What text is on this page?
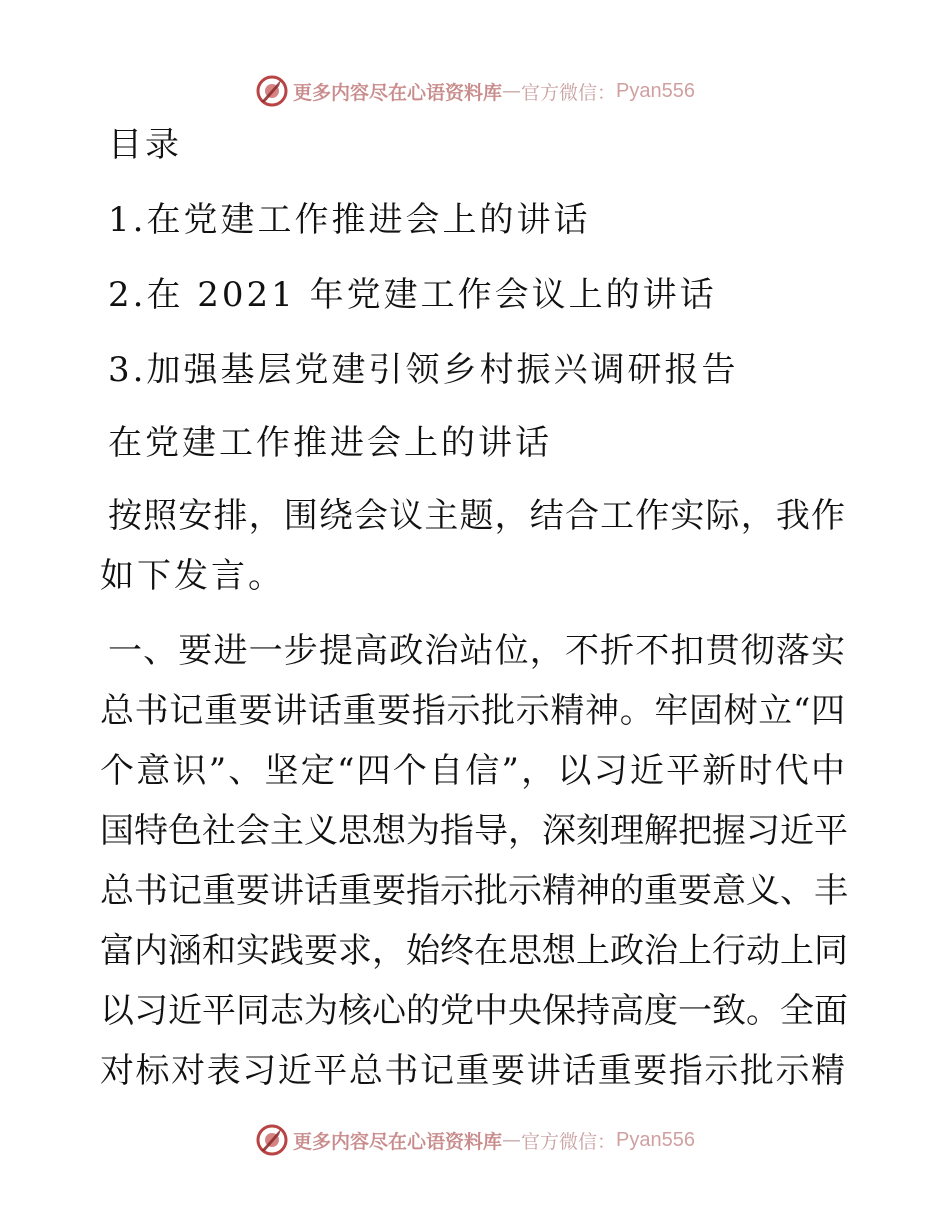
更多内容尽在心语资料库 — 官方微信： Pyan556
目录
1.在党建工作推进会上的讲话
2.在 2021 年党建工作会议上的讲话
3.加强基层党建引领乡村振兴调研报告
在党建工作推进会上的讲话
按照安排，围绕会议主题，结合工作实际，我作
如下发言。
一、要进一步提高政治站位，不折不扣贯彻落实
总书记重要讲话重要指示批示精神。牢固树立“四
个意识”、坚定“四个自信”，以习近平新时代中
国特色社会主义思想为指导，深刻理解把握习近平
总书记重要讲话重要指示批示精神的重要意义、丰
富内涵和实践要求，始终在思想上政治上行动上同
以习近平同志为核心的党中央保持高度一致。全面
对标对表习近平总书记重要讲话重要指示批示精
更多内容尽在心语资料库 — 官方微信： Pyan556
